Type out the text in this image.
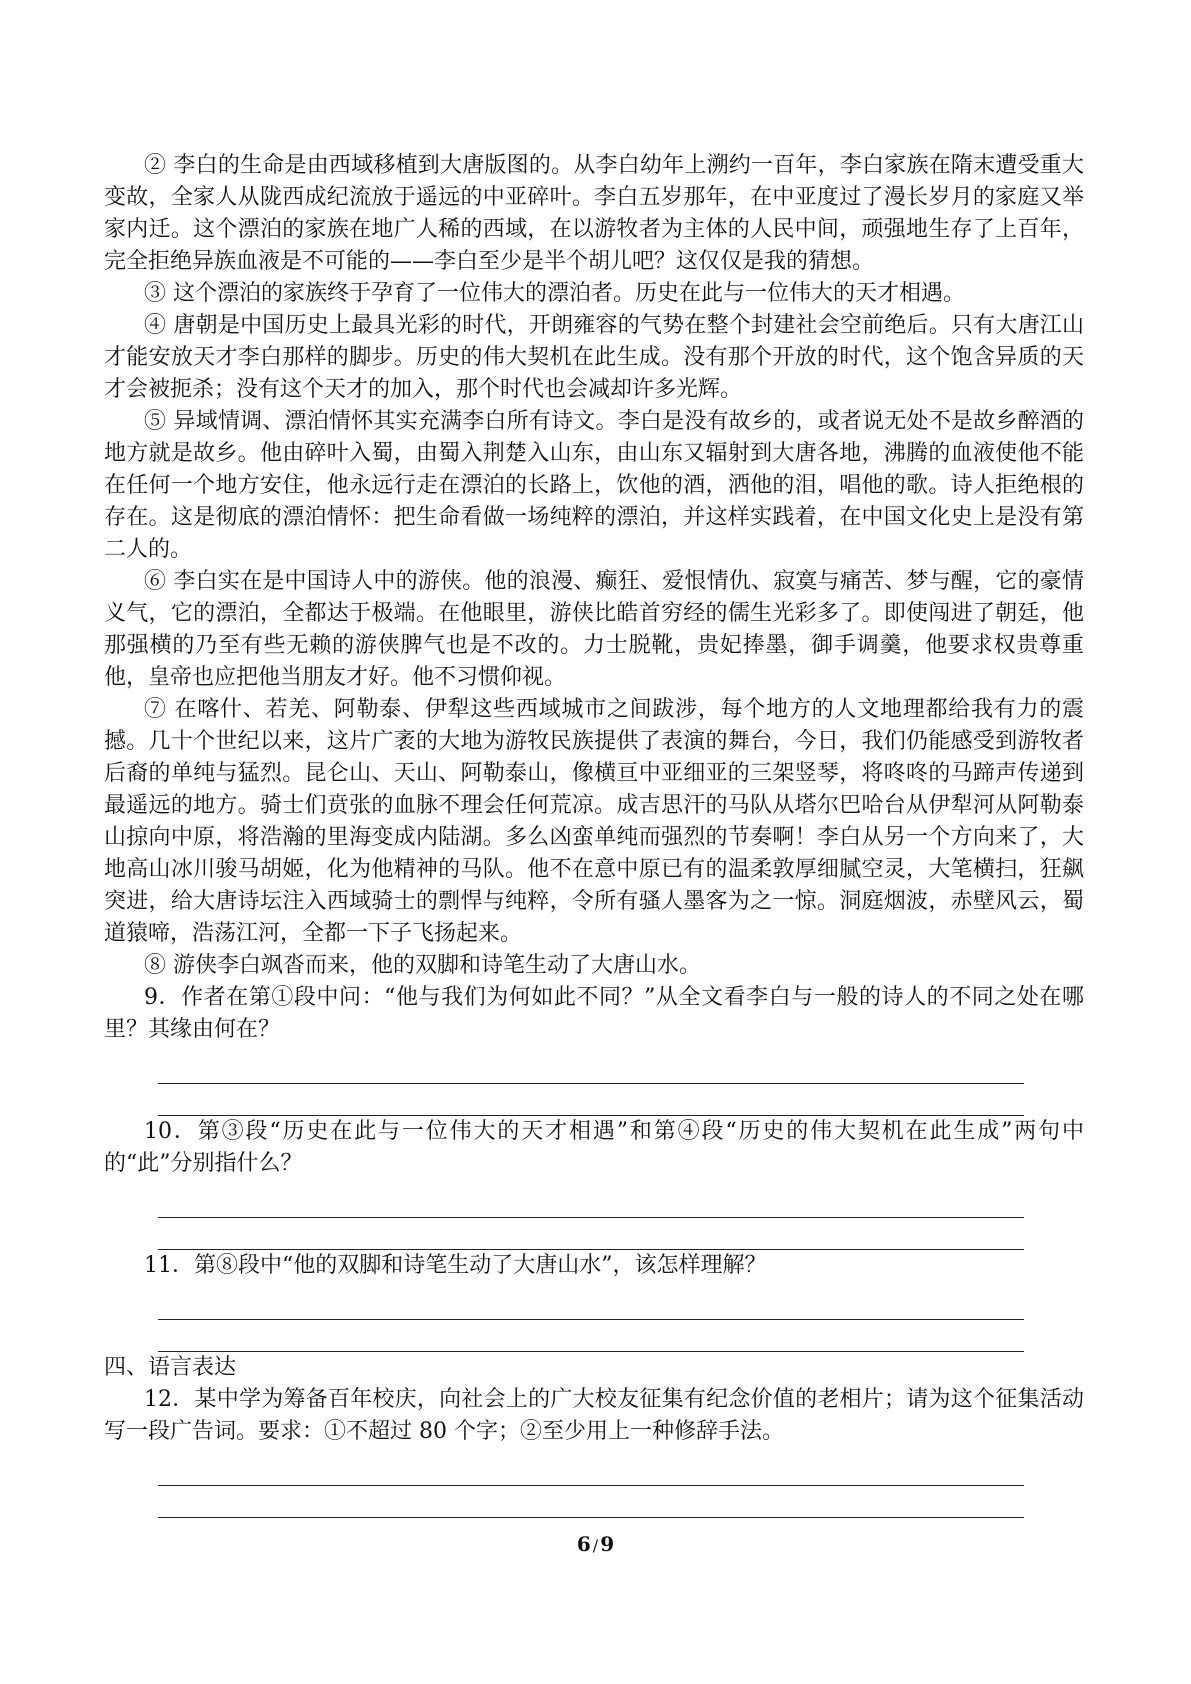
② 李白的生命是由西域移植到大唐版图的。从李白幼年上溯约一百年，李白家族在隋末遭受重大变故，全家人从陇西成纪流放于遥远的中亚碎叶。李白五岁那年，在中亚度过了漫长岁月的家庭又举家内迁。这个漂泊的家族在地广人稀的西域，在以游牧者为主体的人民中间，顽强地生存了上百年，完全拒绝异族血液是不可能的——李白至少是半个胡儿吧？这仅仅是我的猜想。

③ 这个漂泊的家族终于孕育了一位伟大的漂泊者。历史在此与一位伟大的天才相遇。

④ 唐朝是中国历史上最具光彩的时代，开朗雍容的气势在整个封建社会空前绝后。只有大唐江山才能安放天才李白那样的脚步。历史的伟大契机在此生成。没有那个开放的时代，这个饱含异质的天才会被扼杀；没有这个天才的加入，那个时代也会减却许多光辉。

⑤ 异域情调、漂泊情怀其实充满李白所有诗文。李白是没有故乡的，或者说无处不是故乡醉酒的地方就是故乡。他由碎叶入蜀，由蜀入荆楚入山东，由山东又辐射到大唐各地，沸腾的血液使他不能在任何一个地方安住，他永远行走在漂泊的长路上，饮他的酒，洒他的泪，唱他的歌。诗人拒绝根的存在。这是彻底的漂泊情怀：把生命看做一场纯粹的漂泊，并这样实践着，在中国文化史上是没有第二人的。

⑥ 李白实在是中国诗人中的游侠。他的浪漫、癫狂、爱恨情仇、寂寞与痛苦、梦与醒，它的豪情义气，它的漂泊，全都达于极端。在他眼里，游侠比皓首穷经的儒生光彩多了。即使闯进了朝廷，他那强横的乃至有些无赖的游侠脾气也是不改的。力士脱靴，贵妃捧墨，御手调羹，他要求权贵尊重他，皇帝也应把他当朋友才好。他不习惯仰视。

⑦ 在喀什、若羌、阿勒泰、伊犁这些西域城市之间跋涉，每个地方的人文地理都给我有力的震撼。几十个世纪以来，这片广袤的大地为游牧民族提供了表演的舞台，今日，我们仍能感受到游牧者后裔的单纯与猛烈。昆仑山、天山、阿勒泰山，像横亘中亚细亚的三架竖琴，将咚咚的马蹄声传递到最遥远的地方。骑士们贲张的血脉不理会任何荒凉。成吉思汗的马队从塔尔巴哈台从伊犁河从阿勒泰山掠向中原，将浩瀚的里海变成内陆湖。多么凶蛮单纯而强烈的节奏啊！李白从另一个方向来了，大地高山冰川骏马胡姬，化为他精神的马队。他不在意中原已有的温柔敦厚细腻空灵，大笔横扫，狂飙突进，给大唐诗坛注入西域骑士的剽悍与纯粹，令所有骚人墨客为之一惊。洞庭烟波，赤壁风云，蜀道猿啼，浩荡江河，全都一下子飞扬起来。

⑧ 游侠李白飒沓而来，他的双脚和诗笔生动了大唐山水。

9．作者在第①段中问：“他与我们为何如此不同？”从全文看李白与一般的诗人的不同之处在哪里？其缘由何在？

10．第③段“历史在此与一位伟大的天才相遇”和第④段“历史的伟大契机在此生成”两句中的“此”分别指什么？

11．第⑧段中“他的双脚和诗笔生动了大唐山水”，该怎样理解？

四、语言表达

12．某中学为筹备百年校庆，向社会上的广大校友征集有纪念价值的老相片；请为这个征集活动写一段广告词。要求：①不超过 80 个字；②至少用上一种修辞手法。

6 / 9
